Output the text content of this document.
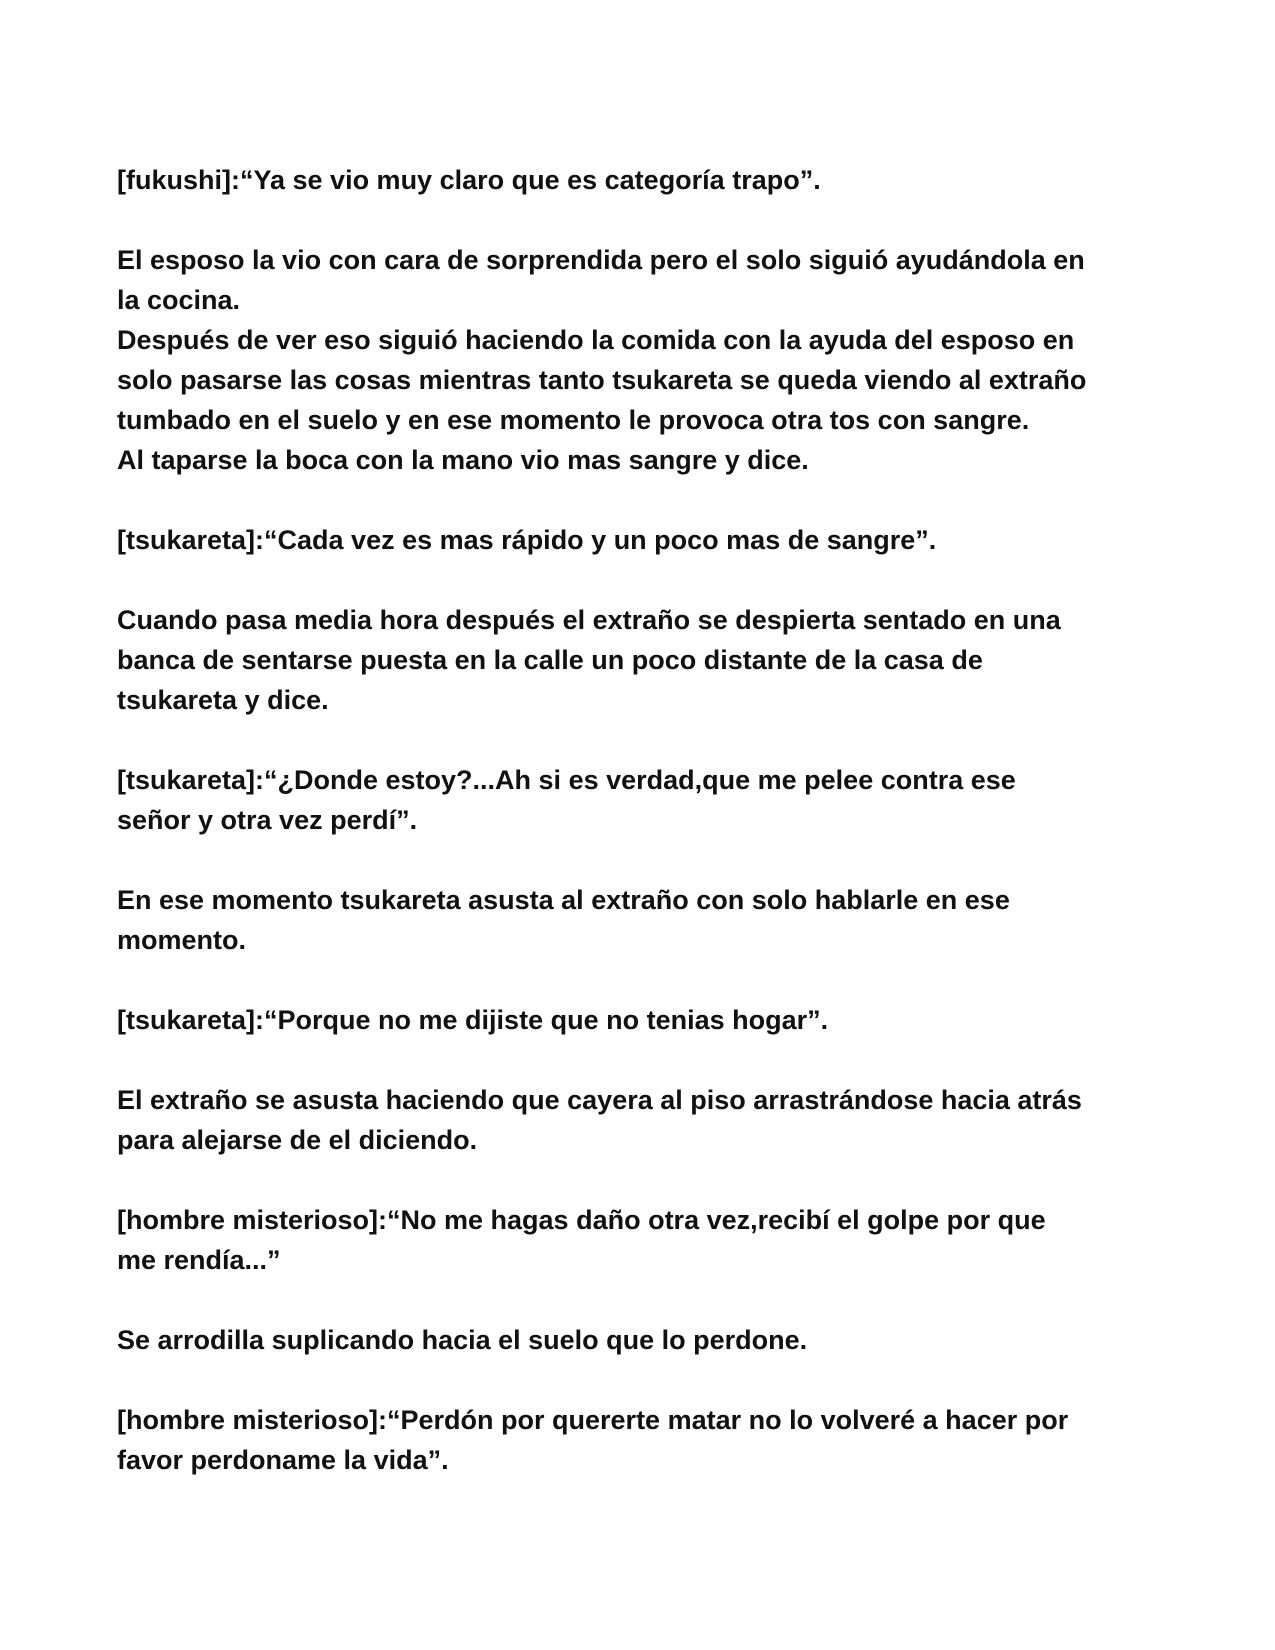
[fukushi]:“Ya se vio muy claro que es categoría trapo”.

El esposo la vio con cara de sorprendida pero el solo siguió ayudándola en
la cocina.

Después de ver eso siguió haciendo la comida con la ayuda del esposo en
solo pasarse las cosas mientras tanto tsukareta se queda viendo al extraño
tumbado en el suelo y en ese momento le provoca otra tos con sangre.

Al taparse la boca con la mano vio mas sangre y dice.

[tsukareta]:“Cada vez es mas rápido y un poco mas de sangre”.

Cuando pasa media hora después el extraño se despierta sentado en una
banca de sentarse puesta en la calle un poco distante de la casa de
tsukareta y dice.

[tsukareta]:“¿Donde estoy?...Ah si es verdad,que me pelee contra ese
señor y otra vez perdí”.

En ese momento tsukareta asusta al extraño con solo hablarle en ese
momento.

[tsukareta]:“Porque no me dijiste que no tenias hogar”.

El extraño se asusta haciendo que cayera al piso arrastrándose hacia atrás
para alejarse de el diciendo.

[hombre misterioso]:“No me hagas daño otra vez,recibí el golpe por que
me rendía...”

Se arrodilla suplicando hacia el suelo que lo perdone.

[hombre misterioso]:“Perdón por quererte matar no lo volveré a hacer por
favor perdoname la vida”.
